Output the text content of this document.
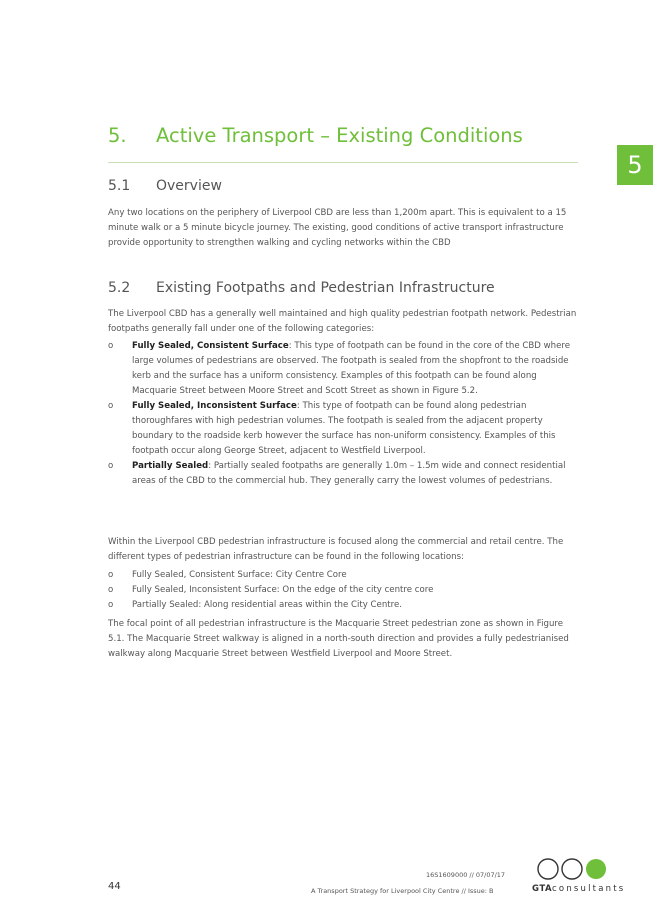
5
5. Active Transport – Existing Conditions
5.1 Overview
Any two locations on the periphery of Liverpool CBD are less than 1,200m apart. This is equivalent to a 15 minute walk or a 5 minute bicycle journey. The existing, good conditions of active transport infrastructure provide opportunity to strengthen walking and cycling networks within the CBD
5.2 Existing Footpaths and Pedestrian Infrastructure
The Liverpool CBD has a generally well maintained and high quality pedestrian footpath network. Pedestrian footpaths generally fall under one of the following categories:
o Fully Sealed, Consistent Surface: This type of footpath can be found in the core of the CBD where large volumes of pedestrians are observed. The footpath is sealed from the shopfront to the roadside kerb and the surface has a uniform consistency. Examples of this footpath can be found along Macquarie Street between Moore Street and Scott Street as shown in Figure 5.2.
o Fully Sealed, Inconsistent Surface: This type of footpath can be found along pedestrian thoroughfares with high pedestrian volumes. The footpath is sealed from the adjacent property boundary to the roadside kerb however the surface has non-uniform consistency. Examples of this footpath occur along George Street, adjacent to Westfield Liverpool.
o Partially Sealed: Partially sealed footpaths are generally 1.0m – 1.5m wide and connect residential areas of the CBD to the commercial hub. They generally carry the lowest volumes of pedestrians.
Within the Liverpool CBD pedestrian infrastructure is focused along the commercial and retail centre. The different types of pedestrian infrastructure can be found in the following locations:
o Fully Sealed, Consistent Surface: City Centre Core
o Fully Sealed, Inconsistent Surface: On the edge of the city centre core
o Partially Sealed: Along residential areas within the City Centre.
The focal point of all pedestrian infrastructure is the Macquarie Street pedestrian zone as shown in Figure 5.1. The Macquarie Street walkway is aligned in a north-south direction and provides a fully pedestrianised walkway along Macquarie Street between Westfield Liverpool and Moore Street.
44
16S1609000 // 07/07/17
A Transport Strategy for Liverpool City Centre // Issue: B	GTAconsultants
